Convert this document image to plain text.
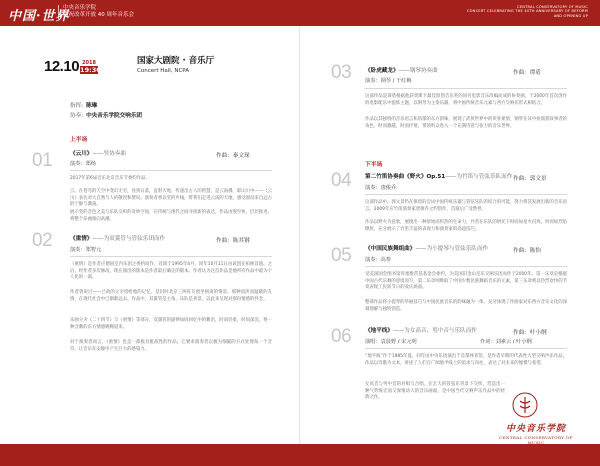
中国·世界
中央音乐学院
庆祝改革开放 40 周年音乐会
CENTRAL CONSERVATORY OF MUSIC
CONCERT CELEBRATING THE 40TH ANNIVERSARY OF REFORM
AND OPENING UP
12.10 2018
19:30
国家大剧院 · 音乐厅
Concert Hall, NCPA
指挥: 陈琳
协奏: 中央音乐学院交响乐团
上半场
01	《云川》——竖协奏曲	作曲：秦文琛
演奏：郑杨
2017年第6届音乐北京音乐节委约作品。
云，在苍穹的天空中变幻无穷，亮到日落，直射大地，传递出古人的智慧，是云南佛，即山川中——《云川》表达对大自然与人的敬畏和赞叹。演奏者将以竖的声线，带我们走进云南的天地，感受那份来自远古的宁静与激荡。
展示竖的音色之美与乐队交织的奇妙空间，在传统与现代之间寻找新的表达，作品由慢至快，层层推进，将整个乐曲推向高潮。
02	《重情》——为双簧管与管弦乐团而作	作曲：陈其钢
演奏：郑智元
《重情》是作者应德国室内乐团之委约而作，首演于1995年4月，同年10月11日由该团在柏林首演。之后，经作者多次修改，现在演出的版本是作者最后确定的版本。作者认为这首作品是他所有作品中最为个人化的一部。
作者曾说过——已故的父亲留给他的记忆，是旧时北京三两好友围坐闲谈的情景。那种清淡而温暖的友情，在现代社会中已渐渐远去。作品中，双簧管是主角，乐队是背景，以此来呈现对那份情感的怀念。
乐曲分为《二十四节》与《重情》等部分，双簧管的旋律如同回忆中的絮语，时而轻柔，时而深沉，将一种含蓄的东方情感娓娓道来。
对于演奏者而言，《重情》也是一部极具挑战性的作品，它要求演奏者以极为细腻的方式处理每一个音符，让音乐在安静中产生巨大的感染力。
03 《卧虎藏龙》——钢琴协奏曲	作曲：谭盾
演奏：钢琴 / 于红梅
这部作品是谭盾根据他获奥斯卡最佳原创音乐奖的同名电影音乐改编而成的协奏曲，于2000年首次创作的电影配乐中提炼主题，以钢琴为主奏乐器，将中国传统音乐元素与西方交响乐形式相结合。
作品以其独特的音乐语言和浓郁的东方韵味，展现了武侠世界中的侠骨柔情，钢琴在其中扮演着叙事者的角色，时而激越，时而抒情，带领听众进入一个充满诗意与张力的音乐世界。
下半场
04 第二竹笛协奏曲《野火》Op.51——为竹笛与管弦乐队而作 作曲：郭文景
演奏：唐俊乔
这部作品中，郭文景仍在保留的尝试中国传统乐器与管弦乐队的结合的可能，努力将其发展出新的音乐语言。2009年应竹笛演奏家唐俊乔之约创作，首演后广受赞誉。
作品以野火为意象，展现出一种原始而炽热的生命力，竹笛在乐队的烘托下时而如星火闪烁，时而如烈焰燎原，充分展示了竹笛丰富的表现力和演奏家的高超技巧。
05 《中国民族舞组曲》——为小提琴与管弦乐队而作	作曲：陈怡
演奏：高参
受美国国会图书馆库塞维茨基基金会委约，为美国旧金山室乐交响乐团而作于2000年。第一乐章是根据中国古代乐舞的意境而写，第二乐章则吸取了中国少数民族舞蹈音乐的元素，第三乐章则以热烈欢快的节奏表现了民间节日的欢庆场面。
整部作品将小提琴的华丽技巧与中国民族音乐的韵味融为一体，充分体现了作曲家对东西方音乐文化的深刻理解与独特创造。
06 《地平线》——为女高音、男中音与乐队而作	作曲：叶小纲
演唱：袁晨野 / 宋元明	作词：刘素云 / 叶小纲
“地平线”作于1985年夏，同年由中央乐团演出于首都体育馆，是作者早期的代表性大型交响声乐作品。作品以诗歌为文本，讲述了人们在广阔地平线上的追求与向往，表达了对未来的憧憬与希望。
女高音与男中音的对唱与合唱，在宏大的管弦乐背景下交织，营造出一种气势恢宏而又深情动人的音乐画面，是中国当代交响声乐作品中的经典之作。
中央音乐学院
CENTRAL CONSERVATORY OF MUSIC
